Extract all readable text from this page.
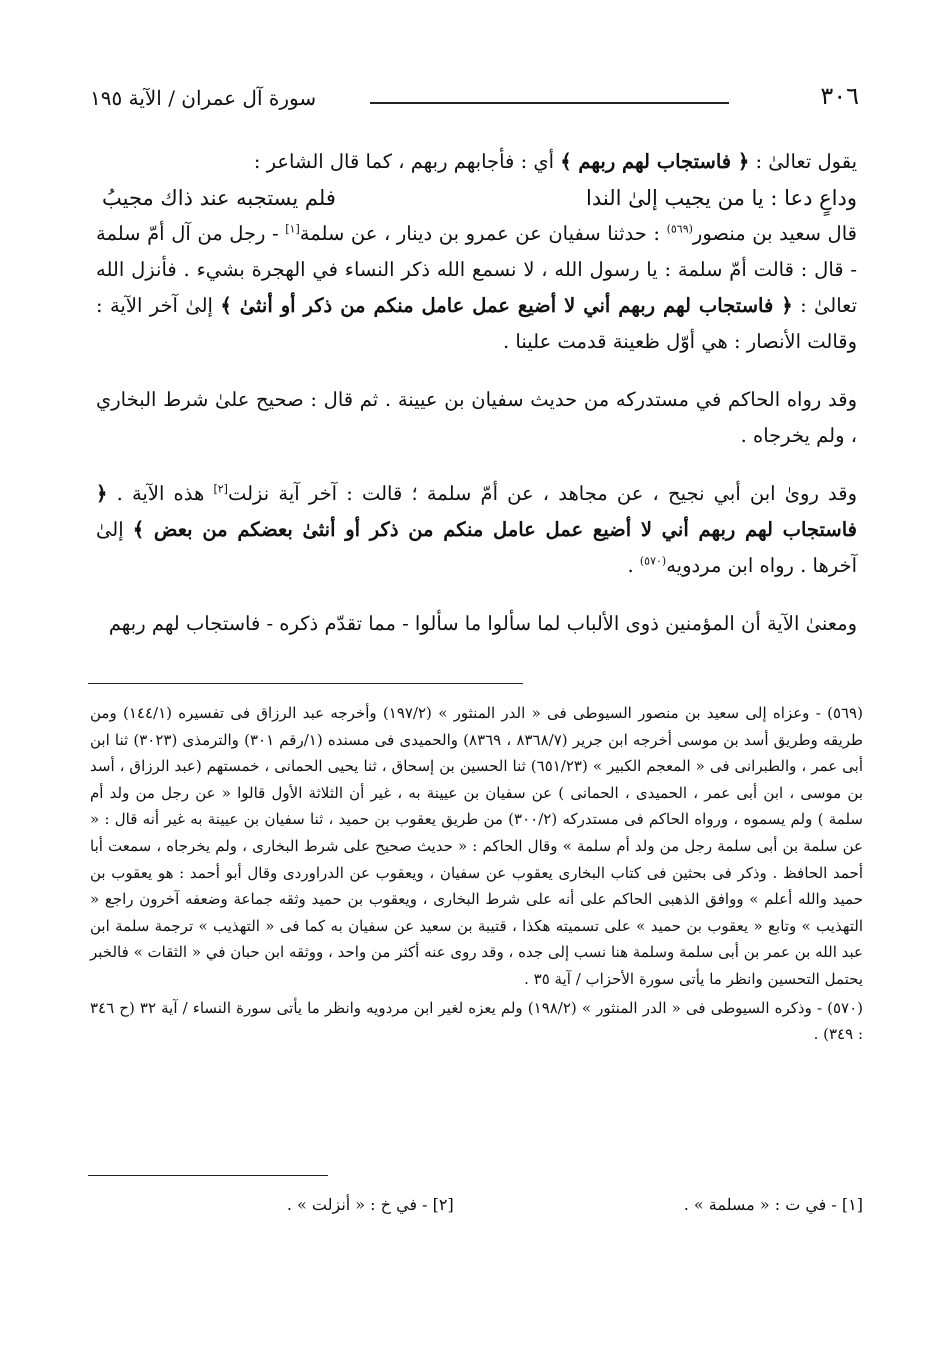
٣٠٦
سورة آل عمران / الآية ١٩٥

يقول تعالىٰ : ﴿ فاستجاب لهم ربهم ﴾ أي : فأجابهم ربهم ، كما قال الشاعر :

وداعٍ دعا : يا من يجيب إلىٰ الندا
فلم يستجبه عند ذاك مجيبُ

قال سعيد بن منصور$^{(٥٦٩)}$ : حدثنا سفيان عن عمرو بن دينار ، عن سلمة[١] - رجل من آل أمّ سلمة - قال : قالت أمّ سلمة : يا رسول الله ، لا نسمع الله ذكر النساء في الهجرة بشيء . فأنزل الله تعالىٰ : ﴿ فاستجاب لهم ربهم أني لا أضيع عمل عامل منكم من ذكر أو أنثىٰ ﴾ إلىٰ آخر الآية : وقالت الأنصار : هي أوّل ظعينة قدمت علينا .

وقد رواه الحاكم في مستدركه من حديث سفيان بن عيينة . ثم قال : صحيح علىٰ شرط البخاري ، ولم يخرجاه .

وقد روىٰ ابن أبي نجيح ، عن مجاهد ، عن أمّ سلمة ؛ قالت : آخر آية نزلت[٢] هذه الآية . ﴿ فاستجاب لهم ربهم أني لا أضيع عمل عامل منكم من ذكر أو أنثىٰ بعضكم من بعض ﴾ إلىٰ آخرها . رواه ابن مردويه$^{(٥٧٠)}$ .

ومعنىٰ الآية أن المؤمنين ذوى الألباب لما سألوا ما سألوا - مما تقدّم ذكره - فاستجاب لهم ربهم

(٥٦٩) - وعزاه إلى سعيد بن منصور السيوطى فى « الدر المنثور » (١٩٧/٢) وأخرجه عبد الرزاق فى تفسيره (١٤٤/١) ومن طريقه وطريق أسد بن موسى أخرجه ابن جرير (٨٣٦٨/٧ ، ٨٣٦٩) والحميدى فى مسنده (١/رقم ٣٠١) والترمذى (٣٠٢٣) ثنا ابن أبى عمر ، والطبرانى فى « المعجم الكبير » (٦٥١/٢٣) ثنا الحسين بن إسحاق ، ثنا يحيى الحمانى ، خمستهم (عبد الرزاق ، أسد بن موسى ، ابن أبى عمر ، الحميدى ، الحمانى ) عن سفيان بن عيينة به ، غير أن الثلاثة الأول قالوا « عن رجل من ولد أم سلمة ) ولم يسموه ، ورواه الحاكم فى مستدركه (٣٠٠/٢) من طريق يعقوب بن حميد ، ثنا سفيان بن عيينة به غير أنه قال : « عن سلمة بن أبى سلمة رجل من ولد أم سلمة » وقال الحاكم : « حديث صحيح على شرط البخارى ، ولم يخرجاه ، سمعت أبا أحمد الحافظ . وذكر فى بحثين فى كتاب البخارى يعقوب عن سفيان ، ويعقوب عن الدراوردى وقال أبو أحمد : هو يعقوب بن حميد والله أعلم » ووافق الذهبى الحاكم على أنه على شرط البخارى ، ويعقوب بن حميد وثقه جماعة وضعفه آخرون راجع « التهذيب » وتابع « يعقوب بن حميد » على تسميته هكذا ، قتيبة بن سعيد عن سفيان به كما فى « التهذيب » ترجمة سلمة ابن عبد الله بن عمر بن أبى سلمة وسلمة هنا نسب إلى جده ، وقد روى عنه أكثر من واحد ، ووثقه ابن حبان في « الثقات » فالخبر يحتمل التحسين وانظر ما يأتى سورة الأحزاب / آية ٣٥ .

(٥٧٠) - وذكره السيوطى فى « الدر المنثور » (١٩٨/٢) ولم يعزه لغير ابن مردويه وانظر ما يأتى سورة النساء / آية ٣٢ (ح ٣٤٦ : ٣٤٩) .

[١] - في ت : « مسلمة » .
[٢] - في خ : « أنزلت » .
